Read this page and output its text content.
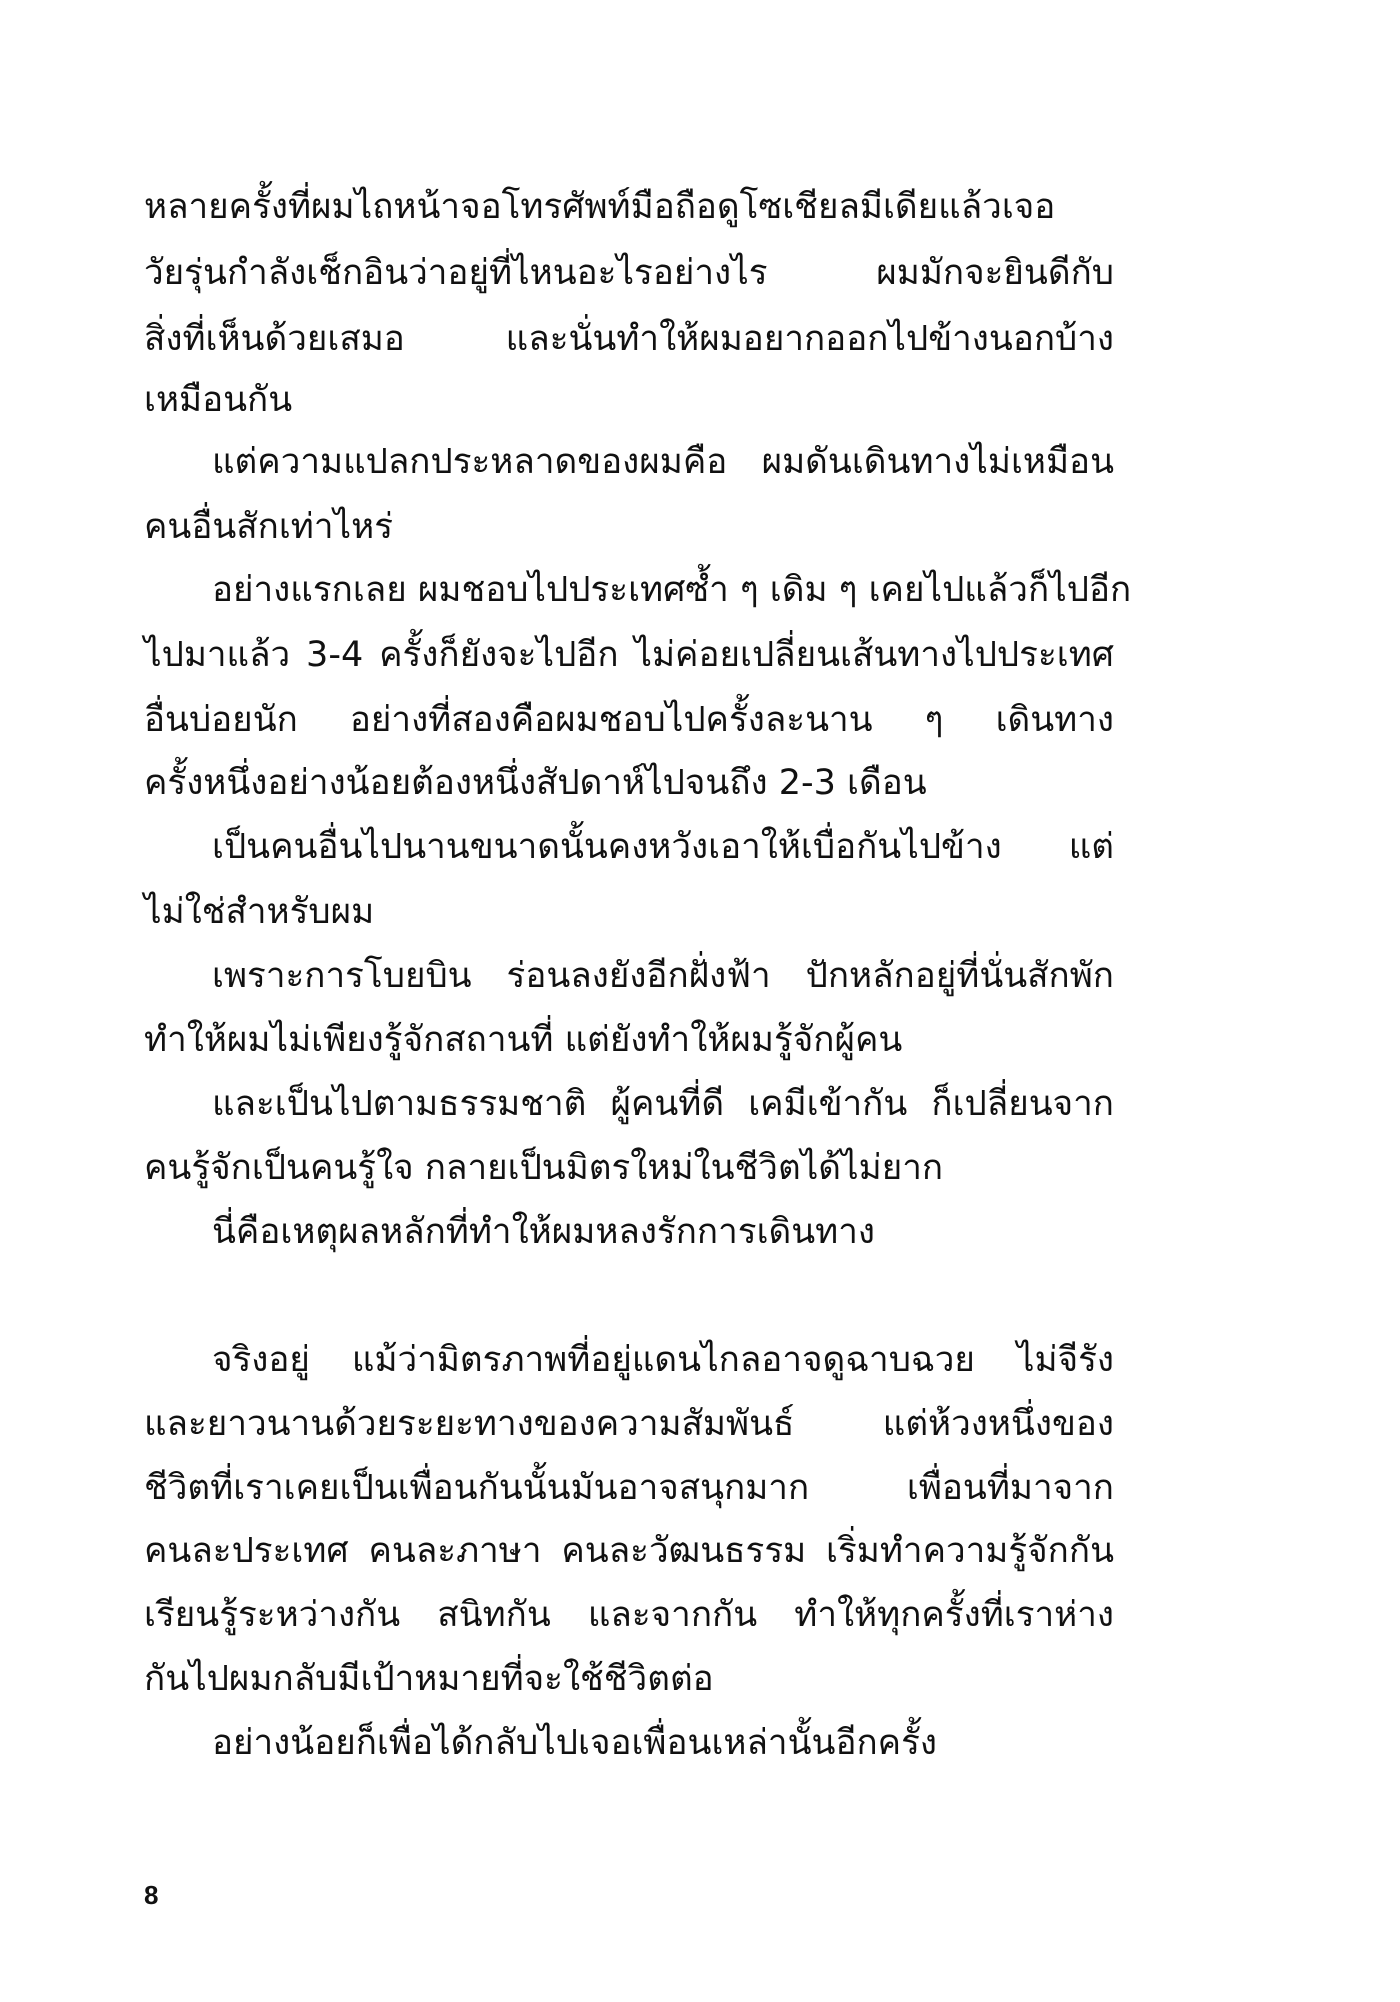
หลายครั้งที่ผมไถหน้าจอโทรศัพท์มือถือดูโซเชียลมีเดียแล้วเจอ

วัยรุ่นกำลังเช็กอินว่าอยู่ที่ไหนอะไรอย่างไร ผมมักจะยินดีกับ

สิ่งที่เห็นด้วยเสมอ และนั่นทำให้ผมอยากออกไปข้างนอกบ้าง

เหมือนกัน

แต่ความแปลกประหลาดของผมคือ ผมดันเดินทางไม่เหมือน

คนอื่นสักเท่าไหร่

อย่างแรกเลย ผมชอบไปประเทศซ้ำ ๆ เดิม ๆ เคยไปแล้วก็ไปอีก

ไปมาแล้ว 3-4 ครั้งก็ยังจะไปอีก ไม่ค่อยเปลี่ยนเส้นทางไปประเทศ

อื่นบ่อยนัก อย่างที่สองคือผมชอบไปครั้งละนาน ๆ เดินทาง

ครั้งหนึ่งอย่างน้อยต้องหนึ่งสัปดาห์ไปจนถึง 2-3 เดือน

เป็นคนอื่นไปนานขนาดนั้นคงหวังเอาให้เบื่อกันไปข้าง แต่

ไม่ใช่สำหรับผม

เพราะการโบยบิน ร่อนลงยังอีกฝั่งฟ้า ปักหลักอยู่ที่นั่นสักพัก

ทำให้ผมไม่เพียงรู้จักสถานที่ แต่ยังทำให้ผมรู้จักผู้คน

และเป็นไปตามธรรมชาติ ผู้คนที่ดี เคมีเข้ากัน ก็เปลี่ยนจาก

คนรู้จักเป็นคนรู้ใจ กลายเป็นมิตรใหม่ในชีวิตได้ไม่ยาก

นี่คือเหตุผลหลักที่ทำให้ผมหลงรักการเดินทาง

จริงอยู่ แม้ว่ามิตรภาพที่อยู่แดนไกลอาจดูฉาบฉวย ไม่จีรัง

และยาวนานด้วยระยะทางของความสัมพันธ์ แต่ห้วงหนึ่งของ

ชีวิตที่เราเคยเป็นเพื่อนกันนั้นมันอาจสนุกมาก เพื่อนที่มาจาก

คนละประเทศ คนละภาษา คนละวัฒนธรรม เริ่มทำความรู้จักกัน

เรียนรู้ระหว่างกัน สนิทกัน และจากกัน ทำให้ทุกครั้งที่เราห่าง

กันไปผมกลับมีเป้าหมายที่จะใช้ชีวิตต่อ

อย่างน้อยก็เพื่อได้กลับไปเจอเพื่อนเหล่านั้นอีกครั้ง

8
